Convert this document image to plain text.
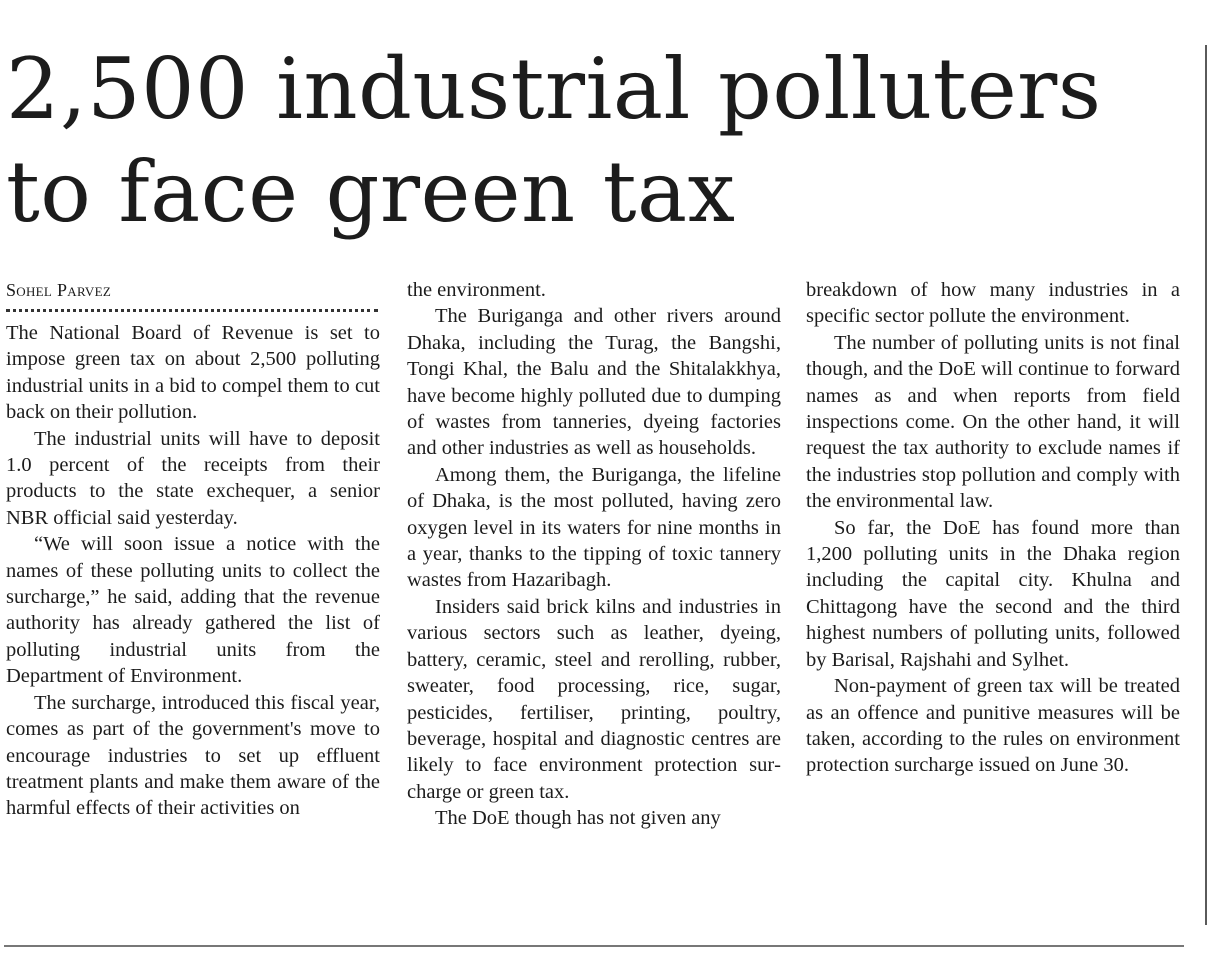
2,500 industrial polluters
to face green tax
Sohel Parvez

The National Board of Revenue is set to impose green tax on about 2,500 polluting industrial units in a bid to compel them to cut back on their pollution.

The industrial units will have to deposit 1.0 percent of the receipts from their products to the state exchequer, a senior NBR official said yesterday.

“We will soon issue a notice with the names of these polluting units to collect the surcharge,” he said, adding that the revenue authority has already gathered the list of polluting industrial units from the Department of Environment.

The surcharge, introduced this fiscal year, comes as part of the government's move to encourage industries to set up effluent treatment plants and make them aware of the harmful effects of their activities on

the environment.

The Buriganga and other rivers around Dhaka, including the Turag, the Bangshi, Tongi Khal, the Balu and the Shitalakkhya, have become highly polluted due to dumping of wastes from tanneries, dyeing factories and other industries as well as households.

Among them, the Buriganga, the lifeline of Dhaka, is the most polluted, having zero oxygen level in its waters for nine months in a year, thanks to the tipping of toxic tannery wastes from Hazaribagh.

Insiders said brick kilns and industries in various sectors such as leather, dyeing, battery, ceramic, steel and rerolling, rubber, sweater, food processing, rice, sugar, pesticides, fertiliser, printing, poultry, beverage, hospital and diagnostic centres are likely to face environment protection surcharge or green tax.

The DoE though has not given any

breakdown of how many industries in a specific sector pollute the environment.

The number of polluting units is not final though, and the DoE will continue to forward names as and when reports from field inspections come. On the other hand, it will request the tax authority to exclude names if the industries stop pollution and comply with the environmental law.

So far, the DoE has found more than 1,200 polluting units in the Dhaka region including the capital city. Khulna and Chittagong have the second and the third highest numbers of polluting units, followed by Barisal, Rajshahi and Sylhet.

Non-payment of green tax will be treated as an offence and punitive measures will be taken, according to the rules on environment protection surcharge issued on June 30.
